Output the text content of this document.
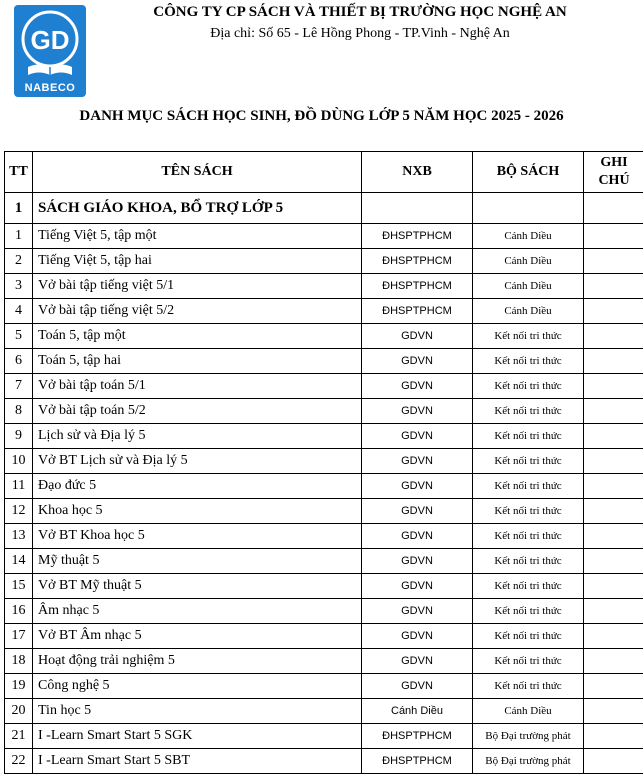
GD
NABECO
CÔNG TY CP SÁCH VÀ THIẾT BỊ TRƯỜNG HỌC NGHỆ AN
Địa chỉ: Số 65 - Lê Hồng Phong - TP.Vinh - Nghệ An
DANH MỤC SÁCH HỌC SINH, ĐỒ DÙNG LỚP 5 NĂM HỌC 2025 - 2026
TT	TÊN SÁCH	NXB	BỘ SÁCH	GHI
CHÚ

1	SÁCH GIÁO KHOA, BỔ TRỢ LỚP 5			
1	Tiếng Việt 5, tập một	ĐHSPTPHCM	Cánh Diều	
2	Tiếng Việt 5, tập hai	ĐHSPTPHCM	Cánh Diều	
3	Vở bài tập tiếng việt 5/1	ĐHSPTPHCM	Cánh Diều	
4	Vở bài tập tiếng việt 5/2	ĐHSPTPHCM	Cánh Diều	
5	Toán 5, tập một	GDVN	Kết nối tri thức	
6	Toán 5, tập hai	GDVN	Kết nối tri thức	
7	Vở bài tập toán 5/1	GDVN	Kết nối tri thức	
8	Vở bài tập toán 5/2	GDVN	Kết nối tri thức	
9	Lịch sử và Địa lý 5	GDVN	Kết nối tri thức	
10	Vở BT Lịch sử và Địa lý 5	GDVN	Kết nối tri thức	
11	Đạo đức 5	GDVN	Kết nối tri thức	
12	Khoa học 5	GDVN	Kết nối tri thức	
13	Vở BT Khoa học 5	GDVN	Kết nối tri thức	
14	Mỹ thuật 5	GDVN	Kết nối tri thức	
15	Vở BT Mỹ thuật 5	GDVN	Kết nối tri thức	
16	Âm nhạc 5	GDVN	Kết nối tri thức	
17	Vở BT Âm nhạc 5	GDVN	Kết nối tri thức	
18	Hoạt động trải nghiệm 5	GDVN	Kết nối tri thức	
19	Công nghệ 5	GDVN	Kết nối tri thức	
20	Tin học 5	Cánh Diều	Cánh Diều	
21	I -Learn Smart Start 5 SGK	ĐHSPTPHCM	Bộ Đại trường phát	
22	I -Learn Smart Start 5 SBT	ĐHSPTPHCM	Bộ Đại trường phát	
